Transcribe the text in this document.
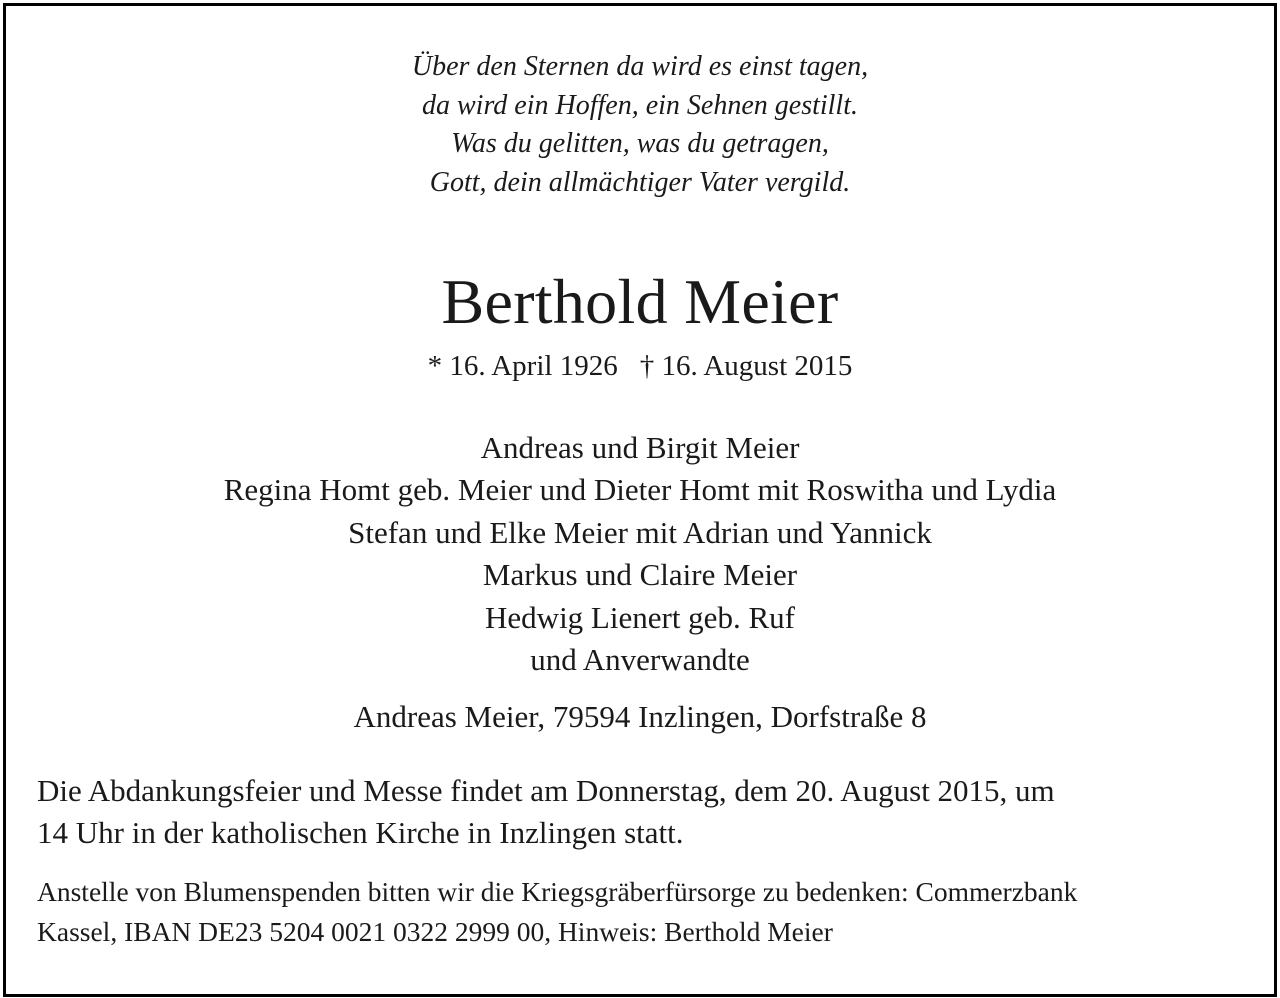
Über den Sternen da wird es einst tagen,
da wird ein Hoffen, ein Sehnen gestillt.
Was du gelitten, was du getragen,
Gott, dein allmächtiger Vater vergild.
Berthold Meier
* 16. April 1926 † 16. August 2015
Andreas und Birgit Meier
Regina Homt geb. Meier und Dieter Homt mit Roswitha und Lydia
Stefan und Elke Meier mit Adrian und Yannick
Markus und Claire Meier
Hedwig Lienert geb. Ruf
und Anverwandte
Andreas Meier, 79594 Inzlingen, Dorfstraße 8
Die Abdankungsfeier und Messe findet am Donnerstag, dem 20. August 2015, um
14 Uhr in der katholischen Kirche in Inzlingen statt.
Anstelle von Blumenspenden bitten wir die Kriegsgräberfürsorge zu bedenken: Commerzbank
Kassel, IBAN DE23 5204 0021 0322 2999 00, Hinweis: Berthold Meier
